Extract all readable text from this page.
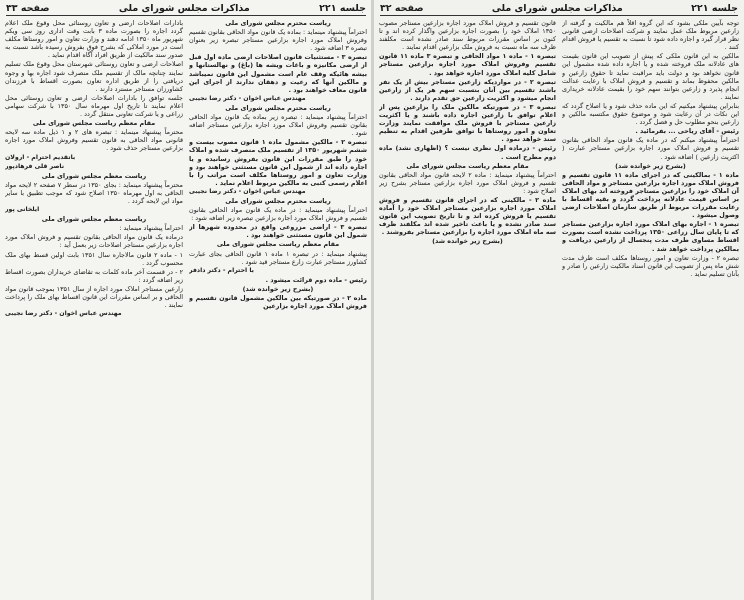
جلسه ۲۲۱
مذاکرات مجلس شورای ملی
صفحه ۳۳

ریاست محترم مجلس شورای ملی

احتراماً پیشنهاد مینماید : بماده یک قانون مواد الحاقی بقانون تقسیم وفروش املاک مورد اجاره بزارعین مستاجر تبصره زیر بعنوان تبصره ۳ اضافه شود .

تبصره ۳ - مستثنیات قانون اصلاحات ارضی ماده اول قبل از ارضی مکانیزه و باغات ویشه ها (باغ) و نهالستانها و بیشه هائیکه وقف عام است مشمول این قانون نمیباشد و مالکین آنها که رعیت و دهقان ندارند از اجرای این قانون معاف خواهند بود .

مهندس عباس اخوان - دکتر رضا نجیبی

ریاست محترم مجلس شورای ملی

احتراماً پیشنهاد مینماید : تبصره زیر بماده یک قانون مواد الحاقی بقانون تقسیم وفروش املاک مورد اجاره بزارعین مستاجر اضافه شود .

تبصره ۲ - مالکین مشمول ماده ۱ قانون مصوب بیست و ششم شهریور ۱۳۵۰ از تقسیم ملک منصرف شده و املاک خود را طبق مقررات این قانون بفروش رسانیده و یا اجاره داده اند از شمول این قانون مستثنی خواهند بود و وزارت تعاون و امور روستاها مکلف است مراتب را با اعلام رسمی کتبی به مالکین مربوط اعلام نماید .

مهندس عباس اخوان - دکتر رضا نجیبی

ریاست محترم مجلس شورای ملی

احتراماً پیشنهاد مینماید : در ماده یک قانون مواد الحاقی بقانون تقسیم و فروش املاک مورد اجاره بزارعین تبصره زیر اضافه شود :

تبصره ۳ - اراضی مزروعی واقع در محدوده شهرها از شمول این قانون مستثنی خواهند بود .

مقام معظم ریاست مجلس شورای ملی

پیشنهاد مینماید : در تبصره ۱ ماده ۱ قانون الحاقی بجای عبارت کشاورز مستاجر عبارت زارع مستاجر قید شود .

با احترام - دکتر دادفر

رئیس - ماده دوم قرائت میشود .

(بشرح زیر خوانده شد)

ماده ۲ - در صورتیکه بین مالکین مشمول قانون تقسیم و فروش املاک مورد اجاره بزارعین

بادارات اصلاحات ارضی و تعاون روستائی محل وقوع ملک اعلام گردد اجاره را بصورت ماده ۳ بابت وقت اداری روز سی ویکم شهریور ماه ۱۳۵۰ ادامه دهند و وزارت تعاون و امور روستاها مکلف است در مورد املاکی که بشرح فوق بفروش رسیده باشد نسبت به صدور سند مالکیت از طریق افراد آگاه اقدام نماید .

اصلاحات ارضی و تعاون روستائی شهرستان محل وقوع ملک تسلیم نمایند چنانچه مالک از تقسیم ملک منصرف شود اجاره بها و وجوه دریافتی را از طریق اداره تعاون بصورت اقساط با فرزندان کشاورزان مستاجر مسترد دارند .

جلسه توافق را بادارات اصلاحات ارضی و تعاون روستائی محل اعلام نمایند تا تاریخ اول مهرماه سال ۱۳۵۰ با شرکت سهامی زراعی و یا شرکت تعاونی منتقل گردد .

مقام معظم ریاست مجلس شورای ملی

محترماً پیشنهاد مینماید : تبصره های ۲ و ۱ ذیل ماده سه لایحه قانونی مواد الحاقی به قانون تقسیم وفروش املاک مورد اجاره بزارعین مستاجر حذف شود .

باتقدیم احترام - ارولان

ناصر قلی فرهادپور

ریاست معظم مجلس شورای ملی

محترماً پیشنهاد مینماید : بجای ۱۳۵۰ در سطر ۷ صفحه ۲ لایحه مواد الحاقی به اول مهرماه ۱۳۵۰ اصلاح شود که موجب تطبیق با سایر مواد این لایحه گردد .

ایلخانی پور

ریاست معظم مجلس شورای ملی

احتراماً پیشنهاد مینماید :

درماده یک قانون مواد الحاقی بقانون تقسیم و فروش املاک مورد اجاره بزارعین مستاجر اصلاحات زیر بعمل آید :

۱ - ماده ۲ قانون مالاجاره سال ۱۳۵۱ بابت اولین قسط بهای ملک محسوب گردد .

۲ - در قسمت آخر ماده کلمات به تقاضای خریداران بصورت اقساط زیر اضافه گردد :

زارعین مستاجر املاک مورد اجاره از سال ۱۳۵۱ بموجب قانون مواد الحاقی و بر اساس مقررات این قانون اقساط بهای ملک را پرداخت نمایند .

مهندس عباس اخوان - دکتر رضا نجیبی

جلسه ۲۲۱
مذاکرات مجلس شورای ملی
صفحه ۳۲

توجه بآیین ملکی بشود که این گروه اقلاً هم مالکیت و گرفته از زارعین مربوط ملک عمل نمایند و شرکت اصلاحات ارضی قانونی نظر قرار گیرد و اجازه داده شود تا نسبت به تقسیم یا فروش اقدام کنند .

مالکین به این قانون ملکی که پیش از تصویب این قانون بقیمت های عادلانه ملک فروخته شده و یا اجاره داده شده مشمول این قانون نخواهد بود و دولت باید مراقبت نماید تا حقوق زارعین و مالکین محفوظ بماند و تقسیم و فروش املاک با رعایت عدالت انجام پذیرد و زارعین بتوانند سهم خود را بقیمت عادلانه خریداری نمایند .

بنابراین پیشنهاد میکنیم که این ماده حذف شود و یا اصلاح گردد که این نکات در آن رعایت شود و موضوع حقوق مکتسبه مالکین و زارعین بنحو مطلوب حل و فصل گردد .

رئیس - آقای ریاحی ... بفرمائید .

احتراماً پیشنهاد میکنم که در ماده یک قانون مواد الحاقی بقانون تقسیم و فروش املاک مورد اجاره بزارعین مستاجر عبارت ( اکثریت زارعین ) اضافه شود .

(بشرح زیر خوانده شد)

ماده ۱ - بمالکینی که در اجرای ماده ۱۱ قانون تقسیم و فروش املاک مورد اجاره بزارعین مستاجر و مواد الحاقی آن املاک خود را بزارعین مستاجر فروخته اند بهای املاک بر اساس قیمت عادلانه پرداخت گردد و بقیه اقساط با رعایت مقررات مربوط از طریق سازمان اصلاحات ارضی وصول میشود .

تبصره ۱ - اجاره بهای املاک مورد اجاره بزارعین مستاجر که تا پایان سال زراعی ۱۳۵۰ پرداخت نشده است بصورت اقساط مساوی طرف مدت پنجسال از زارعین دریافت و بمالکین پرداخت خواهد شد .

تبصره ۲ - وزارت تعاون و امور روستاها مکلف است ظرف مدت شش ماه پس از تصویب این قانون اسناد مالکیت زارعین را صادر و بآنان تسلیم نماید .

قانون تقسیم و فروش املاک مورد اجاره بزارعین مستاجر مصوب ۱۳۵۰ املاک خود را بصورت اجاره بزارعین واگذار کرده اند و تا کنون بر اساس مقررات مربوط سند صادر نشده است مکلفند ظرف سه ماه نسبت به فروش ملک بزارعین اقدام نمایند .

تبصره ۱ - ماده ۱ مواد الحاقی و تبصره ۳ ماده ۱۱ قانون تقسیم وفروش املاک مورد اجاره بزارعین مستاجر شامل کلیه املاک مورد اجاره خواهد بود .

تبصره ۲ - در مواردیکه زارعین مستاجر بیش از یک نفر باشند تقسیم بین آنان بنسبت سهم هر یک از زارعین انجام میشود و اکثریت زارعین حق تقدم دارند .

تبصره ۳ - در صورتیکه مالکین ملک را بزارعین پس از اعلام توافق با زارعین اجاره داده باشند و یا اکثریت زارعین مستاجر با فروش ملک موافقت نمایند وزارت تعاون و امور روستاها با توافق طرفین اقدام به تنظیم سند خواهد نمود .

رئیس - درماده اول نظری نیست ؟ (اظهاری نشد) ماده دوم مطرح است .

مقام معظم ریاست مجلس شورای ملی

احتراماً پیشنهاد مینماید : ماده ۲ لایحه قانون مواد الحاقی بقانون تقسیم و فروش املاک مورد اجاره بزارعین مستاجر بشرح زیر اصلاح شود :

ماده ۲ - مالکینی که در اجرای قانون تقسیم و فروش املاک مورد اجاره بزارعین مستاجر املاک خود را آماده تقسیم یا فروش کرده اند و تا تاریخ تصویب این قانون سند صادر نشده و یا باعث تاخیر شده اند مکلفند ظرف سه ماه املاک مورد اجاره را بزارعین مستاجر بفروشند .

(بشرح زیر خوانده شد)
